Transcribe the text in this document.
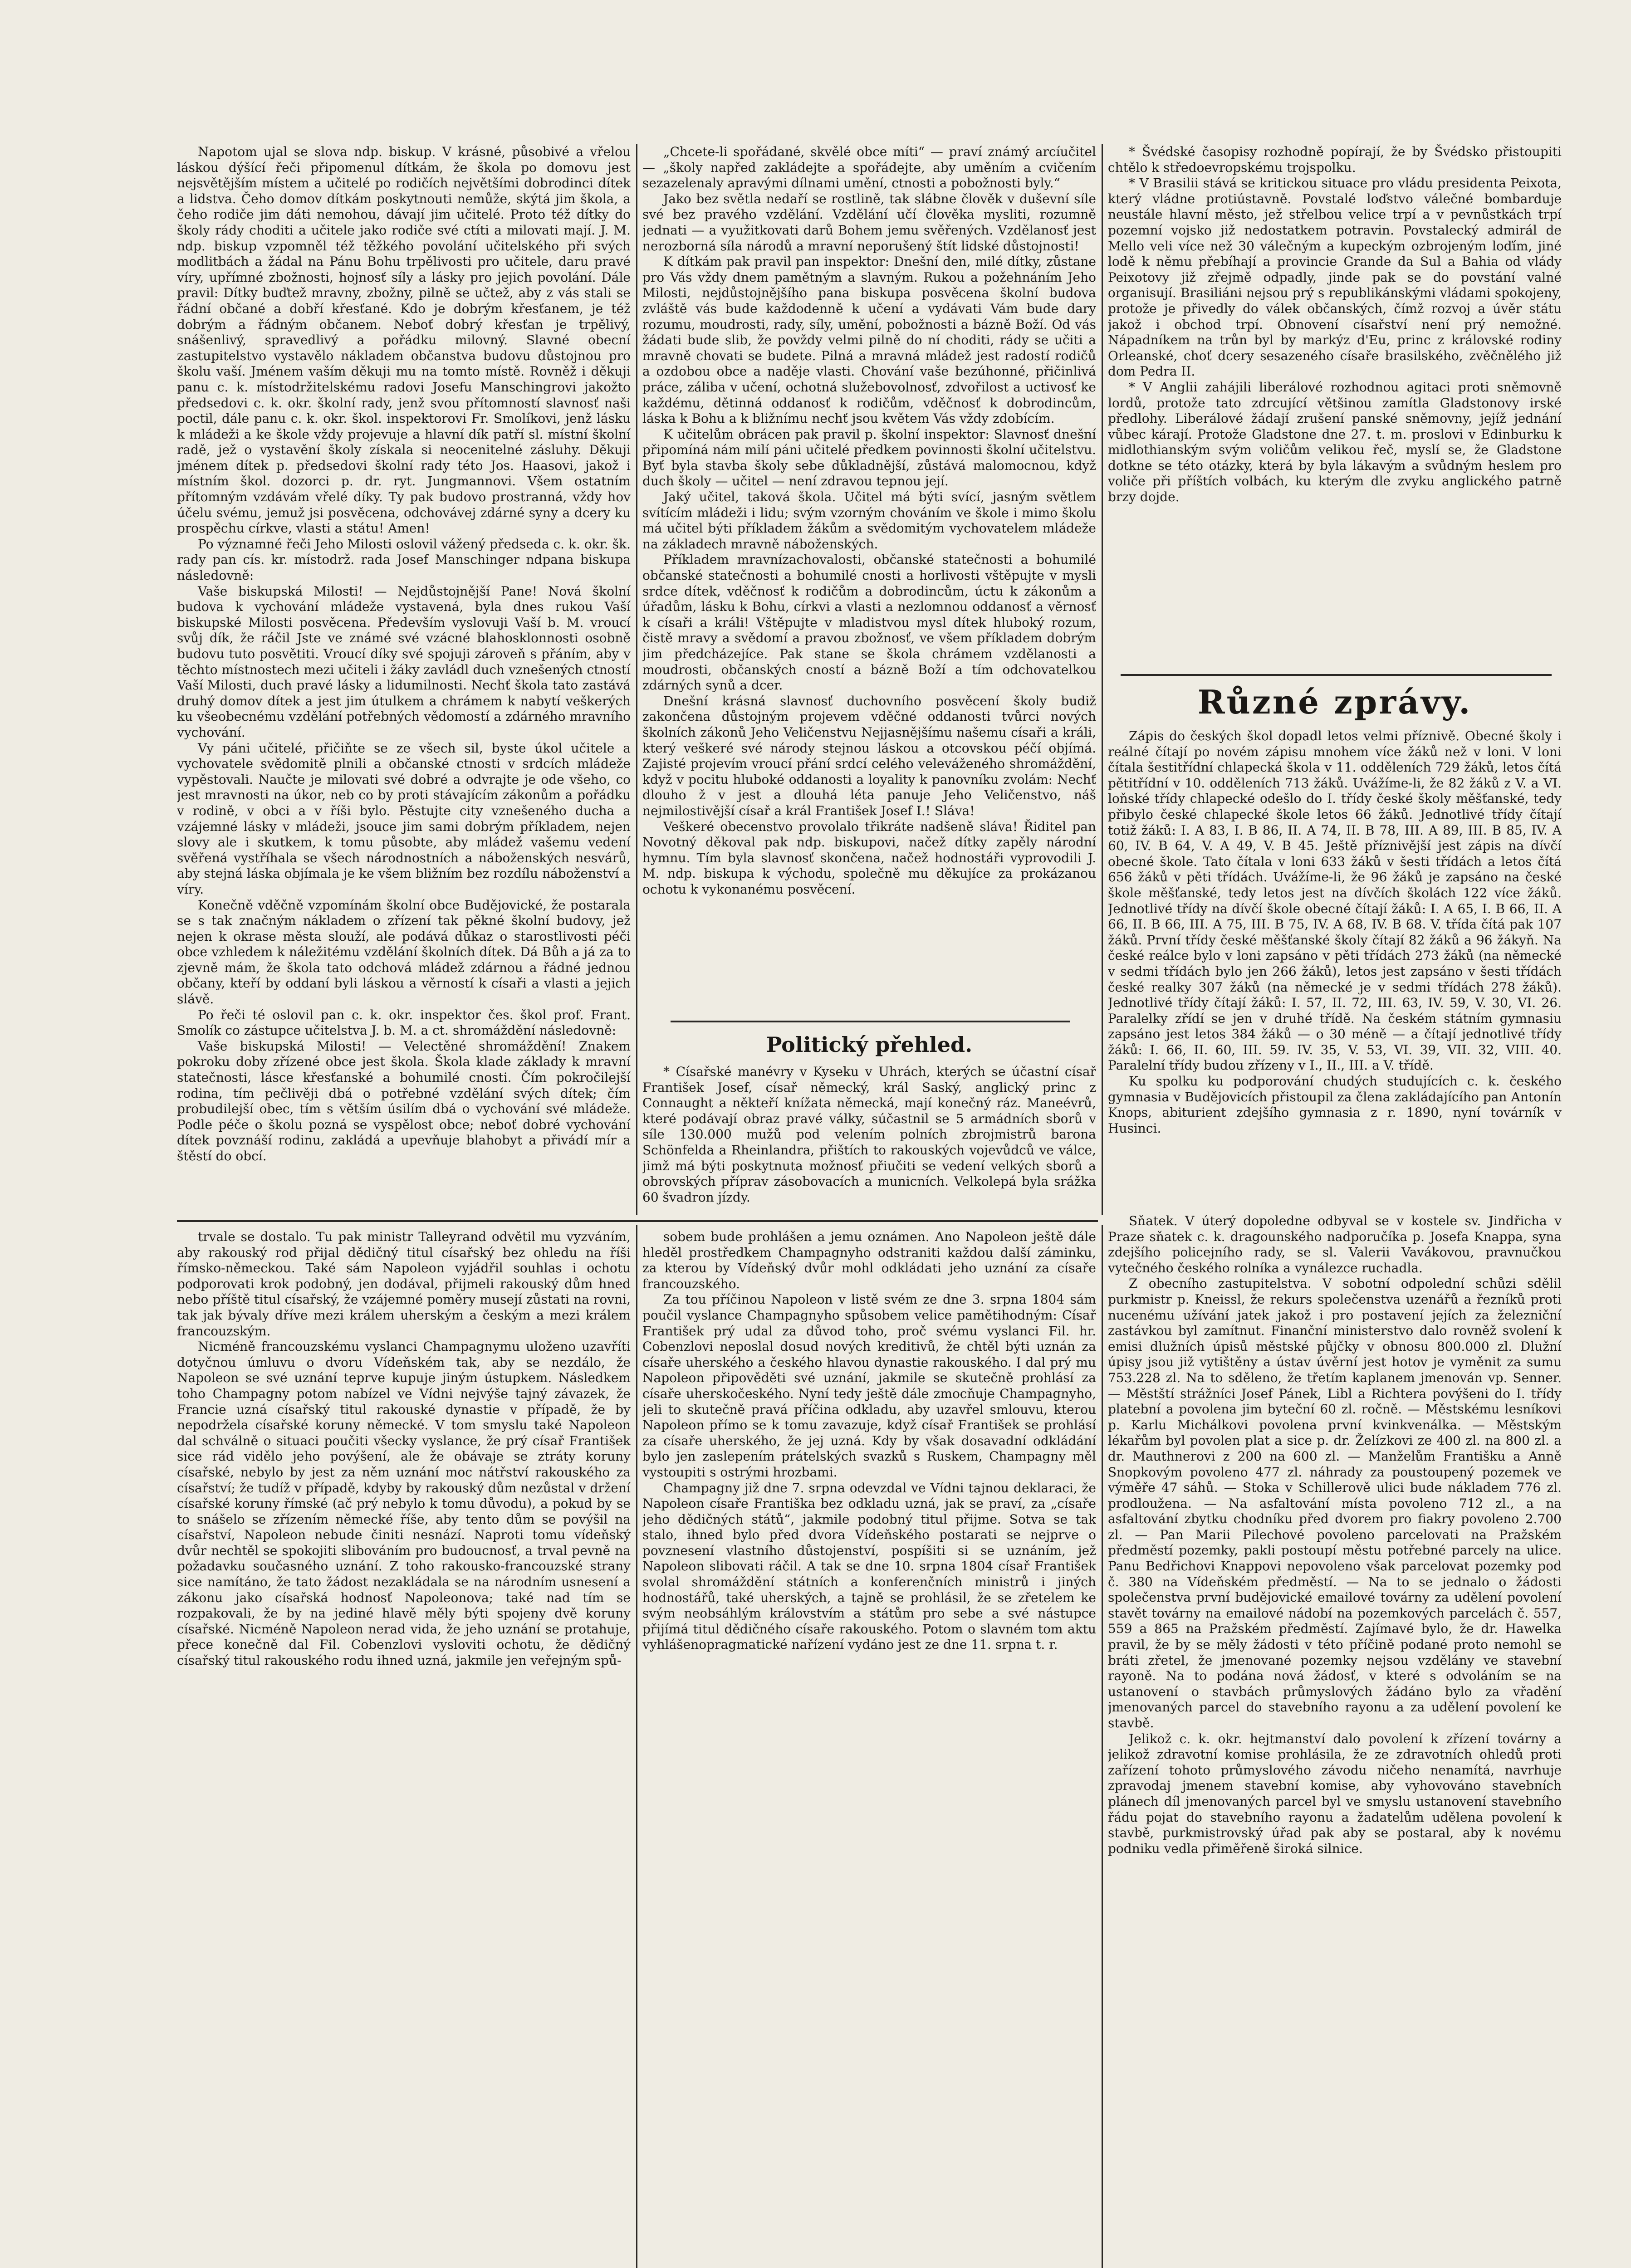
Napotom ujal se slova ndp. biskup. V krásné, působivé a vřelou láskou dýšící řeči připomenul dítkám, že škola po domovu jest nejsvětějším místem a učitelé po rodičích největšími dobrodinci dítek a lidstva. Čeho domov dítkám poskytnouti nemůže, skýtá jim škola, a čeho rodiče jim dáti nemohou, dávají jim učitelé. Proto též dítky do školy rády choditi a učitele jako rodiče své ctíti a milovati mají. J. M. ndp. biskup vzpomněl též těžkého povolání učitelského při svých modlitbách a žádal na Pánu Bohu trpělivosti pro učitele, daru pravé víry, upřímné zbožnosti, hojnosť síly a lásky pro jejich povolání. Dále pravil: Dítky buďtež mravny, zbožny, pilně se učtež, aby z vás stali se řádní občané a dobří křesťané. Kdo je dobrým křesťanem, je též dobrým a řádným občanem. Neboť dobrý křesťan je trpělivý, snášenlivý, spravedlivý a pořádku milovný. Slavné obecní zastupitelstvo vystavělo nákladem občanstva budovu důstojnou pro školu vaší. Jménem vaším děkuji mu na tomto místě. Rovněž i děkuji panu c. k. místodržitelskému radovi Josefu Manschingrovi jakožto předsedovi c. k. okr. školní rady, jenž svou přítomností slavnosť naši poctil, dále panu c. k. okr. škol. inspektorovi Fr. Smolíkovi, jenž lásku k mládeži a ke škole vždy projevuje a hlavní dík patří sl. místní školní radě, jež o vystavění školy získala si neocenitelné zásluhy. Děkuji jménem dítek p. předsedovi školní rady této Jos. Haasovi, jakož i místním škol. dozorci p. dr. ryt. Jungmannovi. Všem ostatním přítomným vzdávám vřelé díky. Ty pak budovo prostranná, vždy hov účelu svému, jemuž jsi posvěcena, odchovávej zdárné syny a dcery ku prospěchu církve, vlasti a státu! Amen!

Po významné řeči Jeho Milosti oslovil vážený předseda c. k. okr. šk. rady pan cís. kr. místodrž. rada Josef Manschinger ndpana biskupa následovně:

Vaše biskupská Milosti! — Nejdůstojnější Pane! Nová školní budova k vychování mládeže vystavená, byla dnes rukou Vaší biskupské Milosti posvěcena. Především vyslovuji Vaší b. M. vroucí svůj dík, že ráčil Jste ve známé své vzácné blahosklonnosti osobně budovu tuto posvětiti. Vroucí díky své spojuji zároveň s přáním, aby v těchto místnostech mezi učiteli i žáky zavládl duch vznešených ctností Vaší Milosti, duch pravé lásky a lidumilnosti. Nechť škola tato zastává druhý domov dítek a jest jim útulkem a chrámem k nabytí veškerých ku všeobecnému vzdělání potřebných vědomostí a zdárného mravního vychování.

Vy páni učitelé, přičiňte se ze všech sil, byste úkol učitele a vychovatele svědomitě plnili a občanské ctnosti v srdcích mládeže vypěstovali. Naučte je milovati své dobré a odvrajte je ode všeho, co jest mravnosti na úkor, neb co by proti stávajícím zákonům a pořádku v rodině, v obci a v říši bylo. Pěstujte city vznešeného ducha a vzájemné lásky v mládeži, jsouce jim sami dobrým příkladem, nejen slovy ale i skutkem, k tomu působte, aby mládež vašemu vedení svěřená vystříhala se všech národnostních a náboženských nesvárů, aby stejná láska objímala je ke všem bližním bez rozdílu náboženství a víry.

Konečně vděčně vzpomínám školní obce Budějovické, že postarala se s tak značným nákladem o zřízení tak pěkné školní budovy, jež nejen k okrase města slouží, ale podává důkaz o starostlivosti péči obce vzhledem k náležitému vzdělání školních dítek. Dá Bůh a já za to zjevně mám, že škola tato odchová mládež zdárnou a řádné jednou občany, kteří by oddaní byli láskou a věrností k císaři a vlasti a jejich slávě.

Po řeči té oslovil pan c. k. okr. inspektor čes. škol prof. Frant. Smolík co zástupce učitelstva J. b. M. a ct. shromáždění následovně:

Vaše biskupská Milosti! — Velectěné shromáždění! Znakem pokroku doby zřízené obce jest škola. Škola klade základy k mravní statečnosti, lásce křesťanské a bohumilé cnosti. Čím pokročilejší rodina, tím pečlivěji dbá o potřebné vzdělání svých dítek; čím probudilejší obec, tím s větším úsilím dbá o vychování své mládeže. Podle péče o školu pozná se vyspělost obce; neboť dobré vychování dítek povznáší rodinu, zakládá a upevňuje blahobyt a přivádí mír a štěstí do obcí.

„Chcete-li spořádané, skvělé obce míti“ — praví známý arcíučitel — „školy napřed zakládejte a spořádejte, aby uměním a cvičením sezazelenaly apravými dílnami umění, ctnosti a pobožnosti byly.“

Jako bez světla nedaří se rostlině, tak slábne člověk v duševní síle své bez pravého vzdělání. Vzdělání učí člověka mysliti, rozumně jednati — a využitkovati darů Bohem jemu svěřených. Vzdělanosť jest nerozborná síla národů a mravní neporušený štít lidské důstojnosti!

K dítkám pak pravil pan inspektor: Dnešní den, milé dítky, zůstane pro Vás vždy dnem pamětným a slavným. Rukou a požehnáním Jeho Milosti, nejdůstojnějšího pana biskupa posvěcena školní budova zvláště vás bude každodenně k učení a vydávati Vám bude dary rozumu, moudrosti, rady, síly, umění, pobožnosti a bázně Boží. Od vás žádati bude slib, že povždy velmi pilně do ní choditi, rády se učiti a mravně chovati se budete. Pilná a mravná mládež jest radostí rodičů a ozdobou obce a naděje vlasti. Chování vaše bezúhonné, přičinlivá práce, záliba v učení, ochotná služebovolnosť, zdvořilost a uctivosť ke každému, dětinná oddanosť k rodičům, vděčnosť k dobrodincům, láska k Bohu a k bližnímu nechť jsou květem Vás vždy zdobícím.

K učitelům obrácen pak pravil p. školní inspektor: Slavnosť dnešní připomíná nám milí páni učitelé předkem povinnosti školní učitelstvu. Byť byla stavba školy sebe důkladnější, zůstává malomocnou, když duch školy — učitel — není zdravou tepnou její.

Jaký učitel, taková škola. Učitel má býti svící, jasným světlem svítícím mládeži i lidu; svým vzorným chováním ve škole i mimo školu má učitel býti příkladem žákům a svědomitým vychovatelem mládeže na základech mravně náboženských.

Příkladem mravnízachovalosti, občanské statečnosti a bohumilé občanské statečnosti a bohumilé cnosti a horlivosti vštěpujte v mysli srdce dítek, vděčnosť k rodičům a dobrodincům, úctu k zákonům a úřadům, lásku k Bohu, církvi a vlasti a nezlomnou oddanosť a věrnosť k císaři a králi! Vštěpujte v mladistvou mysl dítek hluboký rozum, čistě mravy a svědomí a pravou zbožnosť, ve všem příkladem dobrým jim předcházejíce. Pak stane se škola chrámem vzdělanosti a moudrosti, občanských cností a bázně Boží a tím odchovatelkou zdárných synů a dcer.

Dnešní krásná slavnosť duchovního posvěcení školy budiž zakončena důstojným projevem vděčné oddanosti tvůrci nových školních zákonů Jeho Veličenstvu Nejjasnějšímu našemu císaři a králi, který veškeré své národy stejnou láskou a otcovskou péčí objímá. Zajisté projevím vroucí přání srdcí celého veleváženého shromáždění, když v pocitu hluboké oddanosti a loyality k panovníku zvolám: Nechť dlouho ž v jest a dlouhá léta panuje Jeho Veličenstvo, náš nejmilostivější císař a král František Josef I.! Sláva!

Veškeré obecenstvo provolalo třikráte nadšeně sláva! Řiditel pan Novotný děkoval pak ndp. biskupovi, načež dítky zapěly národní hymnu. Tím byla slavnosť skončena, načež hodnostáři vyprovodili J. M. ndp. biskupa k východu, společně mu děkujíce za prokázanou ochotu k vykonanému posvěcení.

Politický přehled.

* Císařské manévry v Kyseku v Uhrách, kterých se účastní císař František Josef, císař německý, král Saský, anglický princ z Connaught a někteří knížata německá, mají konečný ráz. Maneévrů, které podávají obraz pravé války, súčastnil se 5 armádních sborů v síle 130.000 mužů pod velením polních zbrojmistrů barona Schönfelda a Rheinlandra, přištích to rakouských vojevůdců ve válce, jimž má býti poskytnuta možnosť přiučiti se vedení velkých sborů a obrovských příprav zásobovacích a municních. Velkolepá byla srážka 60 švadron jízdy.

* Švédské časopisy rozhodně popírají, že by Švédsko přistoupiti chtělo k středoevropskému trojspolku.

* V Brasilii stává se kritickou situace pro vládu presidenta Peixota, který vládne protiústavně. Povstalé loďstvo válečné bombarduje neustále hlavní město, jež střelbou velice trpí a v pevnůstkách trpí pozemní vojsko již nedostatkem potravin. Povstalecký admirál de Mello veli více než 30 válečným a kupeckým ozbrojeným loďím, jiné lodě k němu přebíhají a provincie Grande da Sul a Bahia od vlády Peixotovy již zřejmě odpadly, jinde pak se do povstání valné organisují. Brasiliáni nejsou prý s republikánskými vládami spokojeny, protože je přivedly do válek občanských, čímž rozvoj a úvěr státu jakož i obchod trpí. Obnovení císařství není prý nemožné. Nápadníkem na trůn byl by markýz d'Eu, princ z královské rodiny Orleanské, choť dcery sesazeného císaře brasilského, zvěčnělého již dom Pedra II.

* V Anglii zahájili liberálové rozhodnou agitaci proti sněmovně lordů, protože tato zdrcující většinou zamítla Gladstonovy irské předlohy. Liberálové žádají zrušení panské sněmovny, jejíž jednání vůbec kárají. Protože Gladstone dne 27. t. m. proslovi v Edinburku k midlothianským svým voličům velikou řeč, myslí se, že Gladstone dotkne se této otázky, která by byla lákavým a svůdným heslem pro voliče při příštích volbách, ku kterým dle zvyku anglického patrně brzy dojde.

Různé zprávy.

Zápis do českých škol dopadl letos velmi příznivě. Obecné školy i reálné čítají po novém zápisu mnohem více žáků než v loni. V loni čítala šestitřídní chlapecká škola v 11. odděleních 729 žáků, letos čítá pětitřídní v 10. odděleních 713 žáků. Uvážíme-li, že 82 žáků z V. a VI. loňské třídy chlapecké odešlo do I. třídy české školy měšťanské, tedy přibylo české chlapecké škole letos 66 žáků. Jednotlivé třídy čítají totiž žáků: I. A 83, I. B 86, II. A 74, II. B 78, III. A 89, III. B 85, IV. A 60, IV. B 64, V. A 49, V. B 45. Ještě příznivější jest zápis na dívčí obecné škole. Tato čítala v loni 633 žáků v šesti třídách a letos čítá 656 žáků v pěti třídách. Uvážíme-li, že 96 žáků je zapsáno na české škole měšťanské, tedy letos jest na dívčích školách 122 více žáků. Jednotlivé třídy na dívčí škole obecné čítají žáků: I. A 65, I. B 66, II. A 66, II. B 66, III. A 75, III. B 75, IV. A 68, IV. B 68. V. třída čítá pak 107 žáků. První třídy české měšťanské školy čítají 82 žáků a 96 žákyň. Na české reálce bylo v loni zapsáno v pěti třídách 273 žáků (na německé v sedmi třídách bylo jen 266 žáků), letos jest zapsáno v šesti třídách české realky 307 žáků (na německé je v sedmi třídách 278 žáků). Jednotlivé třídy čítají žáků: I. 57, II. 72, III. 63, IV. 59, V. 30, VI. 26. Paralelky zřídí se jen v druhé třídě. Na českém státním gymnasiu zapsáno jest letos 384 žáků — o 30 méně — a čítají jednotlivé třídy žáků: I. 66, II. 60, III. 59. IV. 35, V. 53, VI. 39, VII. 32, VIII. 40. Paralelní třídy budou zřízeny v I., II., III. a V. třídě.

Ku spolku ku podporování chudých studujících c. k. českého gymnasia v Budějovicích přistoupil za člena zakládajícího pan Antonín Knops, abiturient zdejšího gymnasia z r. 1890, nyní továrník v Husinci.

trvale se dostalo. Tu pak ministr Talleyrand odvětil mu vyzváním, aby rakouský rod přijal dědičný titul císařský bez ohledu na říši římsko-německou. Také sám Napoleon vyjádřil souhlas i ochotu podporovati krok podobný, jen dodával, přijmeli rakouský dům hned nebo příště titul císařský, že vzájemné poměry musejí zůstati na rovni, tak jak bývaly dříve mezi králem uherským a českým a mezi králem francouzským.

Nicméně francouzskému vyslanci Champagnymu uloženo uzavříti dotyčnou úmluvu o dvoru Vídeňském tak, aby se nezdálo, že Napoleon se své uznání teprve kupuje jiným ústupkem. Následkem toho Champagny potom nabízel ve Vídni nejvýše tajný závazek, že Francie uzná císařský titul rakouské dynastie v případě, že by nepodržela císařské koruny německé. V tom smyslu také Napoleon dal schválně o situaci poučiti všecky vyslance, že prý císař František sice rád vidělo jeho povýšení, ale že obávaje se ztráty koruny císařské, nebylo by jest za něm uznání moc nátřství rakouského za císařství; že tudíž v případě, kdyby by rakouský dům nezůstal v držení císařské koruny římské (ač prý nebylo k tomu důvodu), a pokud by se to snášelo se zřízením německé říše, aby tento dům se povýšil na císařství, Napoleon nebude činiti nesnází. Naproti tomu vídeňský dvůr nechtěl se spokojiti slibováním pro budoucnosť, a trval pevně na požadavku současného uznání. Z toho rakousko-francouzské strany sice namítáno, že tato žádost nezakládala se na národním usnesení a zákonu jako císařská hodnosť Napoleonova; také nad tím se rozpakovali, že by na jediné hlavě měly býti spojeny dvě koruny císařské. Nicméně Napoleon nerad vida, že jeho uznání se protahuje, přece konečně dal Fil. Cobenzlovi vysloviti ochotu, že dědičný císařský titul rakouského rodu ihned uzná, jakmile jen veřejným spů-

sobem bude prohlášen a jemu oznámen. Ano Napoleon ještě dále hleděl prostředkem Champagnyho odstraniti každou další záminku, za kterou by Vídeňský dvůr mohl odkládati jeho uznání za císaře francouzského.

Za tou příčinou Napoleon v listě svém ze dne 3. srpna 1804 sám poučil vyslance Champagnyho spůsobem velice pamětihodným: Císař František prý udal za důvod toho, proč svému vyslanci Fil. hr. Cobenzlovi neposlal dosud nových kreditivů, že chtěl býti uznán za císaře uherského a českého hlavou dynastie rakouského. I dal prý mu Napoleon připověděti své uznání, jakmile se skutečně prohlásí za císaře uherskočeského. Nyní tedy ještě dále zmocňuje Champagnyho, jeli to skutečně pravá příčina odkladu, aby uzavřel smlouvu, kterou Napoleon přímo se k tomu zavazuje, když císař František se prohlásí za císaře uherského, že jej uzná. Kdy by však dosavadní odkládání bylo jen zaslepením prátelských svazků s Ruskem, Champagny měl vystoupiti s ostrými hrozbami.

Champagny již dne 7. srpna odevzdal ve Vídni tajnou deklaraci, že Napoleon císaře Františka bez odkladu uzná, jak se praví, za „císaře jeho dědičných států“, jakmile podobný titul přijme. Sotva se tak stalo, ihned bylo před dvora Vídeňského postarati se nejprve o povznesení vlastního důstojenství, pospíšiti si se uznáním, jež Napoleon slibovati ráčil. A tak se dne 10. srpna 1804 císař František svolal shromáždění státních a konferenčních ministrů i jiných hodnostářů, také uherských, a tajně se prohlásil, že se zřetelem ke svým neobsáhlým královstvím a státům pro sebe a své nástupce přijímá titul dědičného císaře rakouského. Potom o slavném tom aktu vyhlášenopragmatické nařízení vydáno jest ze dne 11. srpna t. r.

Sňatek. V úterý dopoledne odbyval se v kostele sv. Jindřicha v Praze sňatek c. k. dragounského nadporučíka p. Josefa Knappa, syna zdejšího policejního rady, se sl. Valerii Vavákovou, pravnučkou vytečného českého rolníka a vynálezce ruchadla.

Z obecního zastupitelstva. V sobotní odpolední schůzi sdělil purkmistr p. Kneissl, že rekurs společenstva uzenářů a řezníků proti nucenému užívání jatek jakož i pro postavení jejích za železniční zastávkou byl zamítnut. Finanční ministerstvo dalo rovněž svolení k emisi dlužních úpisů městské půjčky v obnosu 800.000 zl. Dlužní úpisy jsou již vytištěny a ústav úvěrní jest hotov je vyměnit za sumu 753.228 zl. Na to sděleno, že třetím kaplanem jmenován vp. Senner. — Městští strážníci Josef Pánek, Libl a Richtera povýšeni do I. třídy platební a povolena jim byteční 60 zl. ročně. — Městskému lesníkovi p. Karlu Michálkovi povolena první kvinkvenálka. — Městským lékařům byl povolen plat a sice p. dr. Želízkovi ze 400 zl. na 800 zl. a dr. Mauthnerovi z 200 na 600 zl. — Manželům Františku a Anně Snopkovým povoleno 477 zl. náhrady za poustoupený pozemek ve výměře 47 sáhů. — Stoka v Schillerově ulici bude nákladem 776 zl. prodloužena. — Na asfaltování místa povoleno 712 zl., a na asfaltování zbytku chodníku před dvorem pro fiakry povoleno 2.700 zl. — Pan Marii Pilechové povoleno parcelovati na Pražském předměstí pozemky, pakli postoupí městu potřebné parcely na ulice. Panu Bedřichovi Knappovi nepovoleno však parcelovat pozemky pod č. 380 na Vídeňském předměstí. — Na to se jednalo o žádosti společenstva první budějovické emailové továrny za udělení povolení stavět továrny na emailové nádobí na pozemkových parcelách č. 557, 559 a 865 na Pražském předměstí. Zajímavé bylo, že dr. Hawelka pravil, že by se měly žádosti v této příčině podané proto nemohl se bráti zřetel, že jmenované pozemky nejsou vzdělány ve stavební rayoně. Na to podána nová žádosť, v které s odvoláním se na ustanovení o stavbách průmyslových žádáno bylo za vřadění jmenovaných parcel do stavebního rayonu a za udělení povolení ke stavbě.

Jelikož c. k. okr. hejtmanství dalo povolení k zřízení továrny a jelikož zdravotní komise prohlásila, že ze zdravotních ohledů proti zařízení tohoto průmyslového závodu ničeho nenamítá, navrhuje zpravodaj jmenem stavební komise, aby vyhovováno stavebních plánech díl jmenovaných parcel byl ve smyslu ustanovení stavebního řádu pojat do stavebního rayonu a žadatelům udělena povolení k stavbě, purkmistrovský úřad pak aby se postaral, aby k novému podniku vedla přiměřeně široká silnice.
